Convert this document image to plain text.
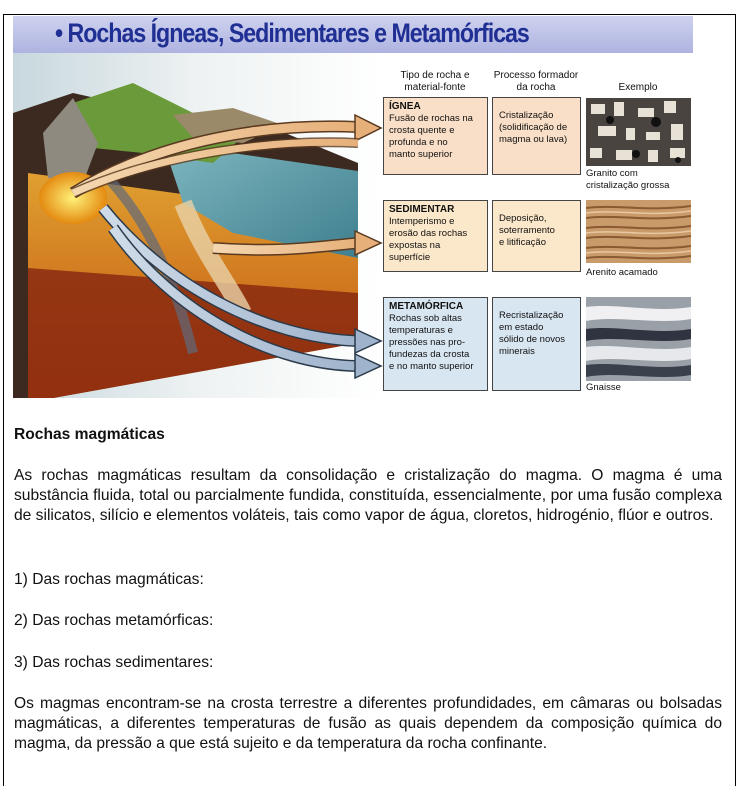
• Rochas Ígneas, Sedimentares e Metamórficas
Tipo de rocha e material-fonte
Processo formador da rocha	Exemplo
ÍGNEA
Fusão de rochas na
crosta quente e
profunda e no
manto superior
Cristalização
(solidificação de
magma ou lava)
Granito com
cristalização grossa
SEDIMENTAR
Intemperismo e
erosão das rochas
expostas na
superfície
Deposição,
soterramento
e litificação
Arenito acamado
METAMÓRFICA
Rochas sob altas
temperaturas e
pressões nas pro-
fundezas da crosta
e no manto superior
Recristalização
em estado
sólido de novos
minerais
Gnaisse
Rochas magmáticas
As rochas magmáticas resultam da consolidação e cristalização do magma. O magma é uma substância fluida, total ou parcialmente fundida, constituída, essencialmente, por uma fusão complexa de silicatos, silício e elementos voláteis, tais como vapor de água, cloretos, hidrogénio, flúor e outros.
1) Das rochas magmáticas:
2) Das rochas metamórficas:
3) Das rochas sedimentares:
Os magmas encontram-se na crosta terrestre a diferentes profundidades, em câmaras ou bolsadas magmáticas, a diferentes temperaturas de fusão as quais dependem da composição química do magma, da pressão a que está sujeito e da temperatura da rocha confinante.
